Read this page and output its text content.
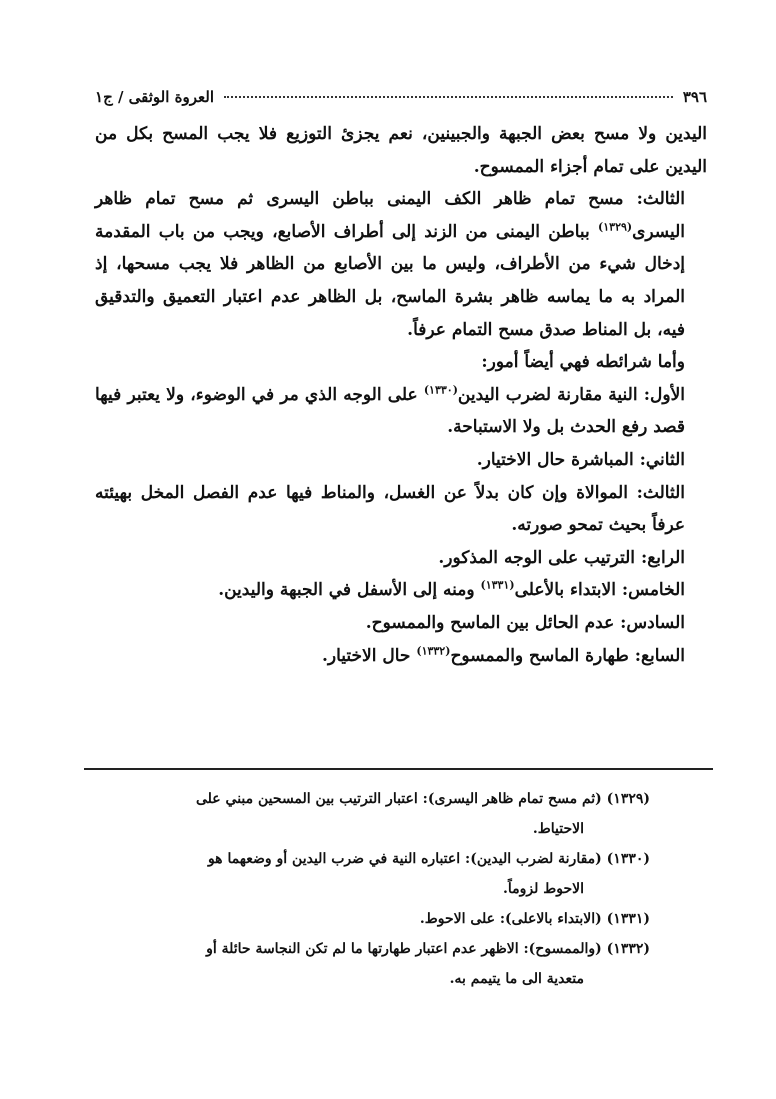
٣٩٦
العروة الوثقى / ج١

اليدين ولا مسح بعض الجبهة والجبينين، نعم يجزئ التوزيع فلا يجب المسح بكل من اليدين على تمام أجزاء الممسوح.

الثالث: مسح تمام ظاهر الكف اليمنى بباطن اليسرى ثم مسح تمام ظاهر اليسرى$^{(١٣٢٩)}$ بباطن اليمنى من الزند إلى أطراف الأصابع، ويجب من باب المقدمة إدخال شيء من الأطراف، وليس ما بين الأصابع من الظاهر فلا يجب مسحها، إذ المراد به ما يماسه ظاهر بشرة الماسح، بل الظاهر عدم اعتبار التعميق والتدقيق فيه، بل المناط صدق مسح التمام عرفاً.

وأما شرائطه فهي أيضاً أمور:

الأول: النية مقارنة لضرب اليدين$^{(١٣٣٠)}$ على الوجه الذي مر في الوضوء، ولا يعتبر فيها قصد رفع الحدث بل ولا الاستباحة.

الثاني: المباشرة حال الاختيار.

الثالث: الموالاة وإن كان بدلاً عن الغسل، والمناط فيها عدم الفصل المخل بهيئته عرفاً بحيث تمحو صورته.

الرابع: الترتيب على الوجه المذكور.

الخامس: الابتداء بالأعلى$^{(١٣٣١)}$ ومنه إلى الأسفل في الجبهة واليدين.

السادس: عدم الحائل بين الماسح والممسوح.

السابع: طهارة الماسح والممسوح$^{(١٣٣٢)}$ حال الاختيار.

(١٣٢٩) (ثم مسح تمام ظاهر اليسرى): اعتبار الترتيب بين المسحين مبني على

الاحتياط.

(١٣٣٠) (مقارنة لضرب اليدين): اعتباره النية في ضرب اليدين أو وضعهما هو

الاحوط لزوماً.

(١٣٣١) (الابتداء بالاعلى): على الاحوط.

(١٣٣٢) (والممسوح): الاظهر عدم اعتبار طهارتها ما لم تكن النجاسة حائلة أو

متعدية الى ما يتيمم به.
